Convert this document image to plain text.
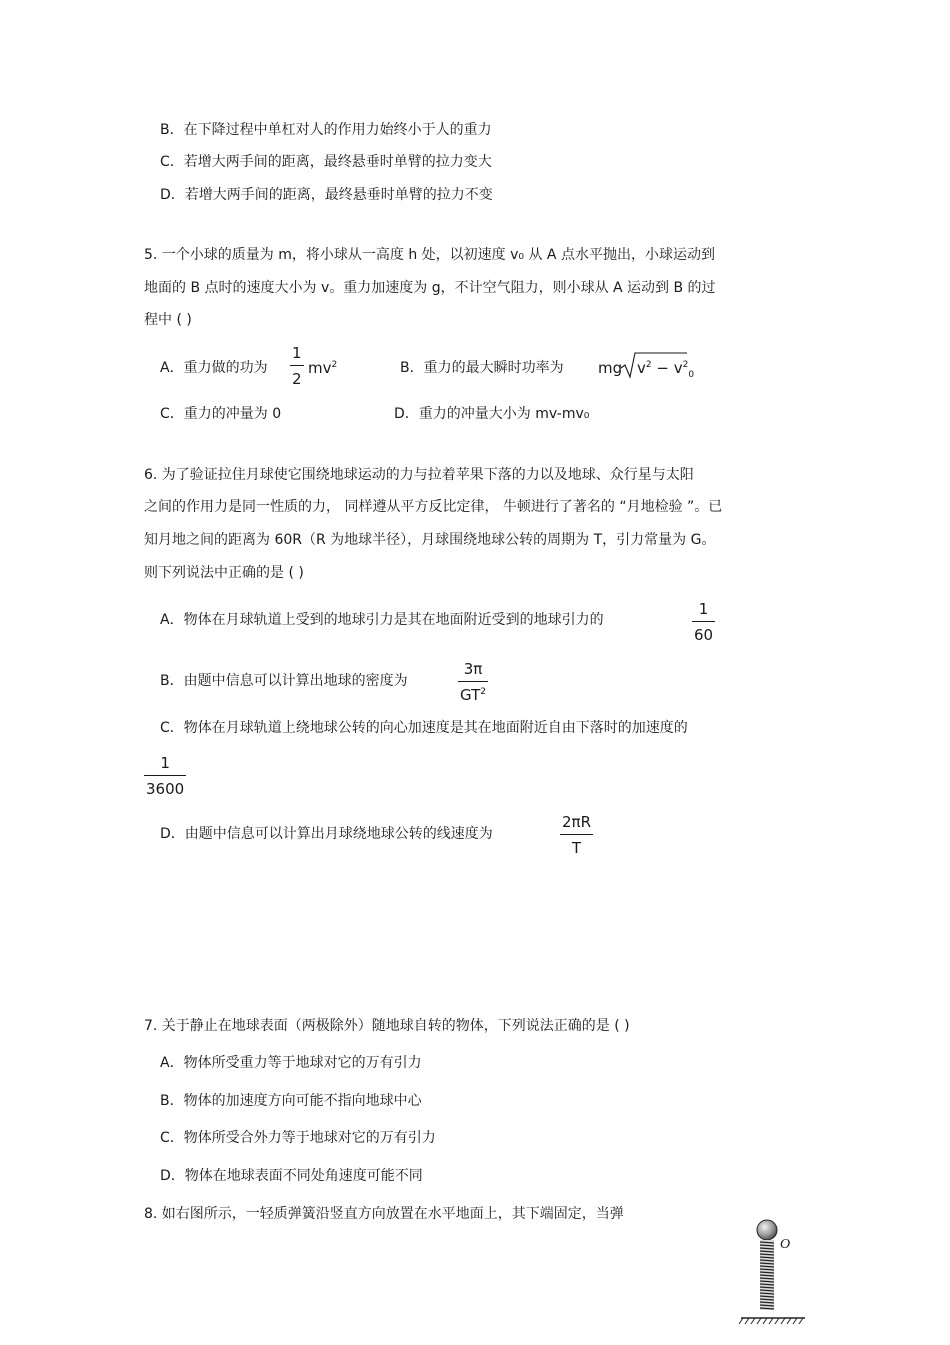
B．在下降过程中单杠对人的作用力始终小于人的重力
C．若增大两手间的距离，最终悬垂时单臂的拉力变大
D．若增大两手间的距离，最终悬垂时单臂的拉力不变
5. 一个小球的质量为 m，将小球从一高度 h 处，以初速度 v₀ 从 A 点水平抛出，小球运动到
地面的 B 点时的速度大小为 v。重力加速度为 g，不计空气阻力，则小球从 A 运动到 B 的过
程中 ( )
A．重力做的功为
1
2
$mv^2$	B．重力的最大瞬时功率为 mg $v^2 - v^2_0$
C．重力的冲量为 0	D．重力的冲量大小为 mv-mv₀
6. 为了验证拉住月球使它围绕地球运动的力与拉着苹果下落的力以及地球、众行星与太阳
之间的作用力是同一性质的力， 同样遵从平方反比定律， 牛顿进行了著名的 “月地检验 ”。已
知月地之间的距离为 60R（R 为地球半径），月球围绕地球公转的周期为 T，引力常量为 G。
则下列说法中正确的是 ( )
A．物体在月球轨道上受到的地球引力是其在地面附近受到的地球引力的
1
60
B．由题中信息可以计算出地球的密度为
3π
$GT^2$
C．物体在月球轨道上绕地球公转的向心加速度是其在地面附近自由下落时的加速度的
1
3600
D．由题中信息可以计算出月球绕地球公转的线速度为
2πR
T
7. 关于静止在地球表面（两极除外）随地球自转的物体，下列说法正确的是 ( )
A．物体所受重力等于地球对它的万有引力
B．物体的加速度方向可能不指向地球中心
C．物体所受合外力等于地球对它的万有引力
D．物体在地球表面不同处角速度可能不同
8. 如右图所示，一轻质弹簧沿竖直方向放置在水平地面上，其下端固定，当弹
O
